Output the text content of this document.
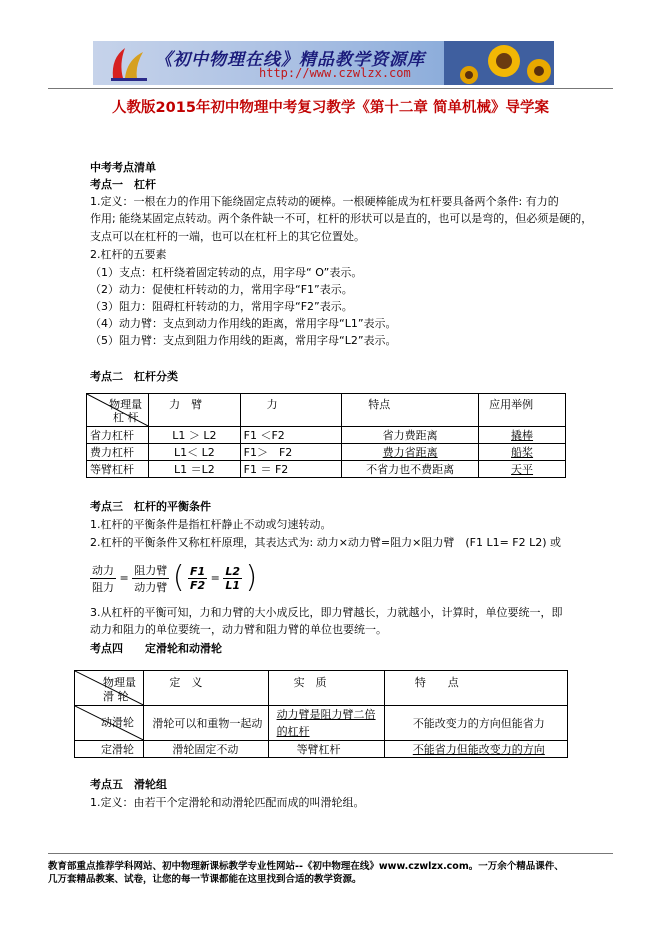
《初中物理在线》精品教学资源库
http://www.czwlzx.com
人教版2015年初中物理中考复习教学《第十二章 简单机械》导学案
中考考点清单
考点一　杠杆
1.定义：一根在力的作用下能绕固定点转动的硬棒。一根硬棒能成为杠杆要具备两个条件: 有力的
作用; 能绕某固定点转动。两个条件缺一不可，杠杆的形状可以是直的，也可以是弯的，但必须是硬的，
支点可以在杠杆的一端，也可以在杠杆上的其它位置处。
2.杠杆的五要素
（1）支点：杠杆绕着固定转动的点，用字母“ O”表示。
（2）动力：促使杠杆转动的力，常用字母“F1”表示。
（3）阻力：阻碍杠杆转动的力，常用字母“F2”表示。
（4）动力臂：支点到动力作用线的距离，常用字母“L1”表示。
（5）阻力臂：支点到阻力作用线的距离，常用字母“L2”表示。
考点二　杠杆分类
物理量
杠 杆	力　臂	力	特点	应用举例

省力杠杆	L1 ＞ L2	F1 ＜F2	省力费距离	撬棒
费力杠杆	L1＜ L2	F1＞　F2	费力省距离	船桨
等臂杠杆	L1 ＝L2	F1 ＝ F2	不省力也不费距离	天平
考点三　杠杆的平衡条件
1.杠杆的平衡条件是指杠杆静止不动或匀速转动。
2.杠杆的平衡条件又称杠杆原理，其表达式为: 动力×动力臂=阻力×阻力臂　(F1 L1= F2 L2) 或
$\frac{\text{动力}}{\text{阻力}} = \frac{\text{阻力臂}}{\text{动力臂}}$ ( $\frac{F1}{F2} = \frac{L2}{L1}$ )
3.从杠杆的平衡可知，力和力臂的大小成反比，即力臂越长，力就越小，计算时，单位要统一，即
动力和阻力的单位要统一，动力臂和阻力臂的单位也要统一。
考点四　　定滑轮和动滑轮
物理量
滑 轮	定　义	实　质	特　　点

动滑轮	滑轮可以和重物一起动	动力臂是阻力臂二倍的杠杆	不能改变力的方向但能省力
定滑轮	滑轮固定不动	等臂杠杆	不能省力但能改变力的方向
考点五　滑轮组
1.定义：由若干个定滑轮和动滑轮匹配而成的叫滑轮组。
教育部重点推荐学科网站、初中物理新课标教学专业性网站--《初中物理在线》www.czwlzx.com。一万余个精品课件、
几万套精品教案、试卷，让您的每一节课都能在这里找到合适的教学资源。
